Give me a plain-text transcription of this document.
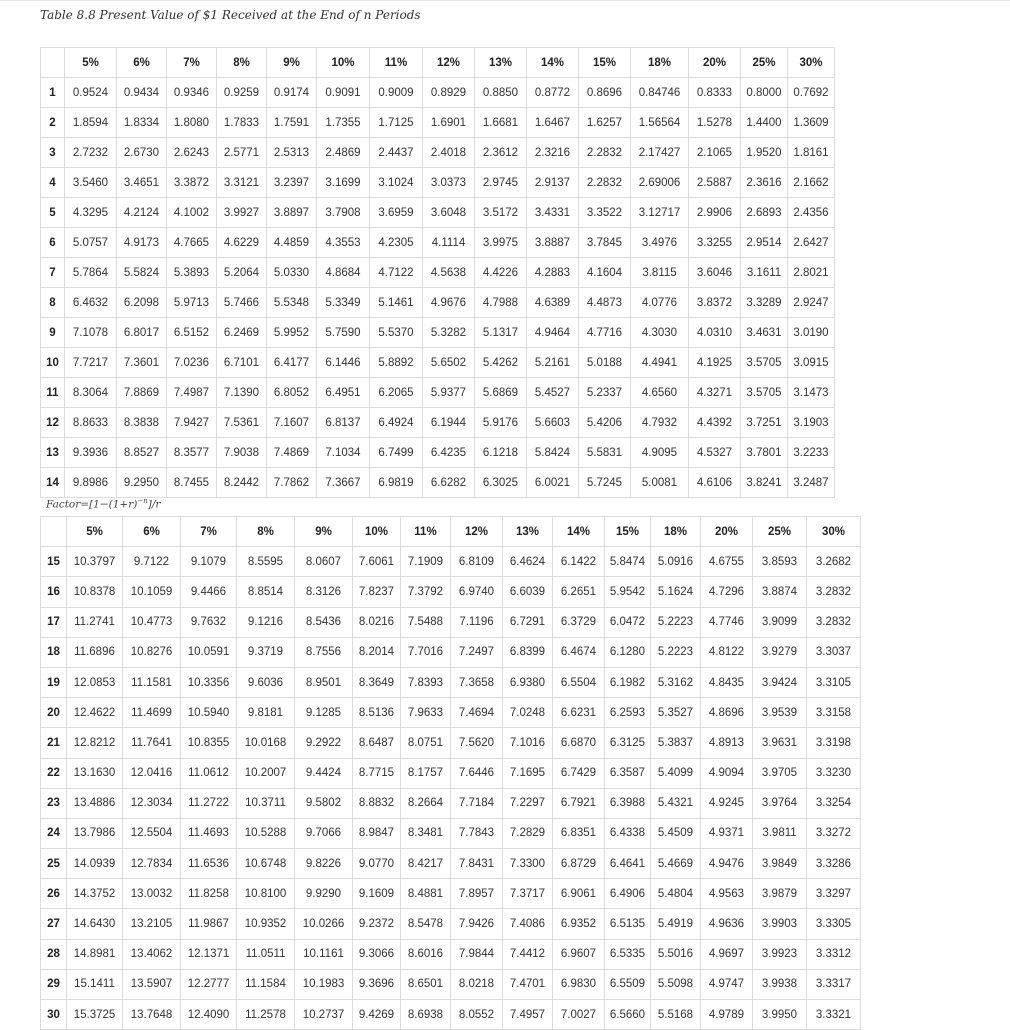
Table 8.8 Present Value of $1 Received at the End of n Periods
	5%	6%	7%	8%	9%	10%	11%	12%	13%	14%	15%	18%	20%	25%	30%
1	0.9524	0.9434	0.9346	0.9259	0.9174	0.9091	0.9009	0.8929	0.8850	0.8772	0.8696	0.84746	0.8333	0.8000	0.7692
2	1.8594	1.8334	1.8080	1.7833	1.7591	1.7355	1.7125	1.6901	1.6681	1.6467	1.6257	1.56564	1.5278	1.4400	1.3609
3	2.7232	2.6730	2.6243	2.5771	2.5313	2.4869	2.4437	2.4018	2.3612	2.3216	2.2832	2.17427	2.1065	1.9520	1.8161
4	3.5460	3.4651	3.3872	3.3121	3.2397	3.1699	3.1024	3.0373	2.9745	2.9137	2.2832	2.69006	2.5887	2.3616	2.1662
5	4.3295	4.2124	4.1002	3.9927	3.8897	3.7908	3.6959	3.6048	3.5172	3.4331	3.3522	3.12717	2.9906	2.6893	2.4356
6	5.0757	4.9173	4.7665	4.6229	4.4859	4.3553	4.2305	4.1114	3.9975	3.8887	3.7845	3.4976	3.3255	2.9514	2.6427
7	5.7864	5.5824	5.3893	5.2064	5.0330	4.8684	4.7122	4.5638	4.4226	4.2883	4.1604	3.8115	3.6046	3.1611	2.8021
8	6.4632	6.2098	5.9713	5.7466	5.5348	5.3349	5.1461	4.9676	4.7988	4.6389	4.4873	4.0776	3.8372	3.3289	2.9247
9	7.1078	6.8017	6.5152	6.2469	5.9952	5.7590	5.5370	5.3282	5.1317	4.9464	4.7716	4.3030	4.0310	3.4631	3.0190
10	7.7217	7.3601	7.0236	6.7101	6.4177	6.1446	5.8892	5.6502	5.4262	5.2161	5.0188	4.4941	4.1925	3.5705	3.0915
11	8.3064	7.8869	7.4987	7.1390	6.8052	6.4951	6.2065	5.9377	5.6869	5.4527	5.2337	4.6560	4.3271	3.5705	3.1473
12	8.8633	8.3838	7.9427	7.5361	7.1607	6.8137	6.4924	6.1944	5.9176	5.6603	5.4206	4.7932	4.4392	3.7251	3.1903
13	9.3936	8.8527	8.3577	7.9038	7.4869	7.1034	6.7499	6.4235	6.1218	5.8424	5.5831	4.9095	4.5327	3.7801	3.2233
14	9.8986	9.2950	8.7455	8.2442	7.7862	7.3667	6.9819	6.6282	6.3025	6.0021	5.7245	5.0081	4.6106	3.8241	3.2487
$Factor=[1-(1+r)^{-n}]/r$
	5%	6%	7%	8%	9%	10%	11%	12%	13%	14%	15%	18%	20%	25%	30%
15	10.3797	9.7122	9.1079	8.5595	8.0607	7.6061	7.1909	6.8109	6.4624	6.1422	5.8474	5.0916	4.6755	3.8593	3.2682
16	10.8378	10.1059	9.4466	8.8514	8.3126	7.8237	7.3792	6.9740	6.6039	6.2651	5.9542	5.1624	4.7296	3.8874	3.2832
17	11.2741	10.4773	9.7632	9.1216	8.5436	8.0216	7.5488	7.1196	6.7291	6.3729	6.0472	5.2223	4.7746	3.9099	3.2832
18	11.6896	10.8276	10.0591	9.3719	8.7556	8.2014	7.7016	7.2497	6.8399	6.4674	6.1280	5.2223	4.8122	3.9279	3.3037
19	12.0853	11.1581	10.3356	9.6036	8.9501	8.3649	7.8393	7.3658	6.9380	6.5504	6.1982	5.3162	4.8435	3.9424	3.3105
20	12.4622	11.4699	10.5940	9.8181	9.1285	8.5136	7.9633	7.4694	7.0248	6.6231	6.2593	5.3527	4.8696	3.9539	3.3158
21	12.8212	11.7641	10.8355	10.0168	9.2922	8.6487	8.0751	7.5620	7.1016	6.6870	6.3125	5.3837	4.8913	3.9631	3.3198
22	13.1630	12.0416	11.0612	10.2007	9.4424	8.7715	8.1757	7.6446	7.1695	6.7429	6.3587	5.4099	4.9094	3.9705	3.3230
23	13.4886	12.3034	11.2722	10.3711	9.5802	8.8832	8.2664	7.7184	7.2297	6.7921	6.3988	5.4321	4.9245	3.9764	3.3254
24	13.7986	12.5504	11.4693	10.5288	9.7066	8.9847	8.3481	7.7843	7.2829	6.8351	6.4338	5.4509	4.9371	3.9811	3.3272
25	14.0939	12.7834	11.6536	10.6748	9.8226	9.0770	8.4217	7.8431	7.3300	6.8729	6.4641	5.4669	4.9476	3.9849	3.3286
26	14.3752	13.0032	11.8258	10.8100	9.9290	9.1609	8.4881	7.8957	7.3717	6.9061	6.4906	5.4804	4.9563	3.9879	3.3297
27	14.6430	13.2105	11.9867	10.9352	10.0266	9.2372	8.5478	7.9426	7.4086	6.9352	6.5135	5.4919	4.9636	3.9903	3.3305
28	14.8981	13.4062	12.1371	11.0511	10.1161	9.3066	8.6016	7.9844	7.4412	6.9607	6.5335	5.5016	4.9697	3.9923	3.3312
29	15.1411	13.5907	12.2777	11.1584	10.1983	9.3696	8.6501	8.0218	7.4701	6.9830	6.5509	5.5098	4.9747	3.9938	3.3317
30	15.3725	13.7648	12.4090	11.2578	10.2737	9.4269	8.6938	8.0552	7.4957	7.0027	6.5660	5.5168	4.9789	3.9950	3.3321
